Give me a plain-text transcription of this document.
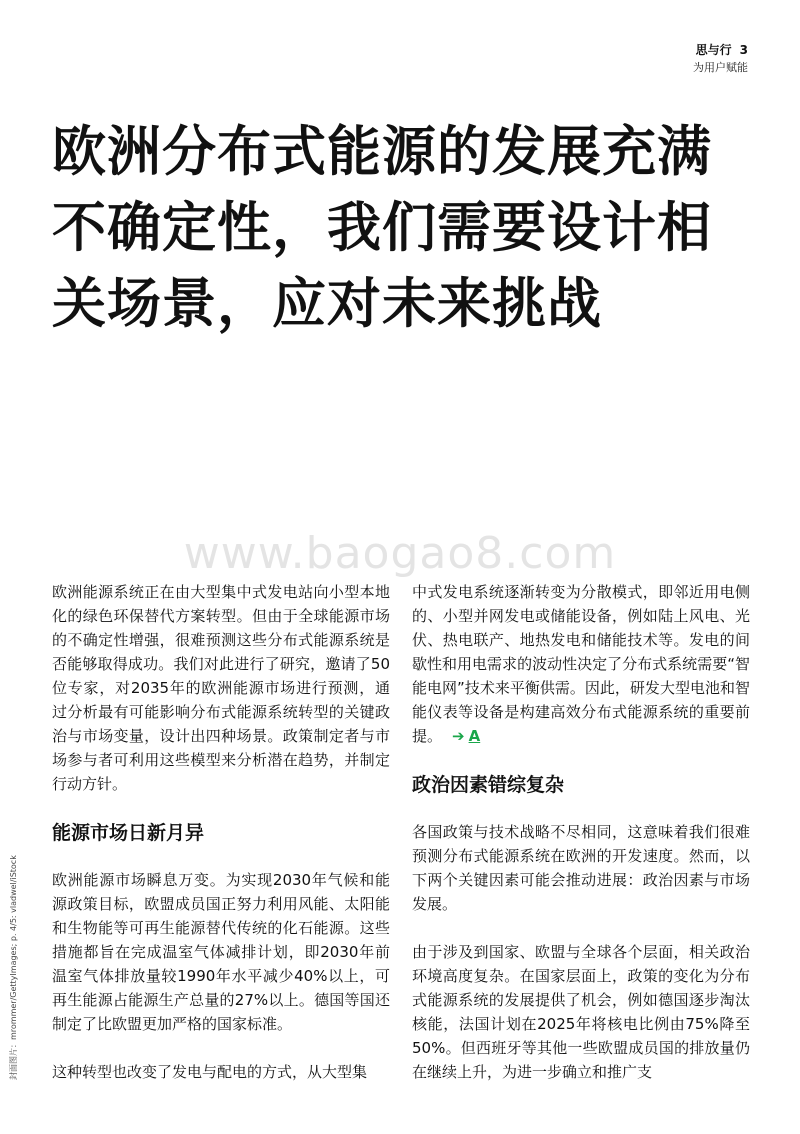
思与行 3
为用户赋能
欧洲分布式能源的发展充满不确定性，我们需要设计相关场景，应对未来挑战
www.baogao8.com
封面图片：mrommer/GettyImages; p. 4/5: vladwel/iStock

欧洲能源系统正在由大型集中式发电站向小型本地化的绿色环保替代方案转型。但由于全球能源市场的不确定性增强，很难预测这些分布式能源系统是否能够取得成功。我们对此进行了研究，邀请了50位专家，对2035年的欧洲能源市场进行预测，通过分析最有可能影响分布式能源系统转型的关键政治与市场变量，设计出四种场景。政策制定者与市场参与者可利用这些模型来分析潜在趋势，并制定行动方针。

能源市场日新月异

欧洲能源市场瞬息万变。为实现2030年气候和能源政策目标，欧盟成员国正努力利用风能、太阳能和生物能等可再生能源替代传统的化石能源。这些措施都旨在完成温室气体减排计划，即2030年前温室气体排放量较1990年水平减少40%以上，可再生能源占能源生产总量的27%以上。德国等国还制定了比欧盟更加严格的国家标准。

这种转型也改变了发电与配电的方式，从大型集

中式发电系统逐渐转变为分散模式，即邻近用电侧的、小型并网发电或储能设备，例如陆上风电、光伏、热电联产、地热发电和储能技术等。发电的间歇性和用电需求的波动性决定了分布式系统需要“智能电网”技术来平衡供需。因此，研发大型电池和智能仪表等设备是构建高效分布式能源系统的重要前提。 ➔ A

政治因素错综复杂

各国政策与技术战略不尽相同，这意味着我们很难预测分布式能源系统在欧洲的开发速度。然而，以下两个关键因素可能会推动进展：政治因素与市场发展。

由于涉及到国家、欧盟与全球各个层面，相关政治环境高度复杂。在国家层面上，政策的变化为分布式能源系统的发展提供了机会，例如德国逐步淘汰核能，法国计划在2025年将核电比例由75%降至50%。但西班牙等其他一些欧盟成员国的排放量仍在继续上升，为进一步确立和推广支
